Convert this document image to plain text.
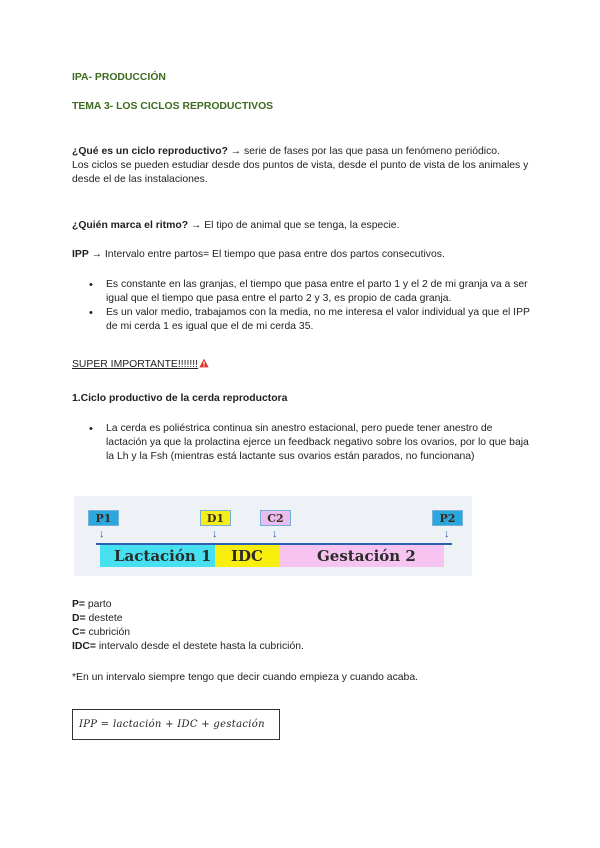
IPA- PRODUCCIÓN
TEMA 3- LOS CICLOS REPRODUCTIVOS
¿Qué es un ciclo reproductivo? → serie de fases por las que pasa un fenómeno periódico.
Los ciclos se pueden estudiar desde dos puntos de vista, desde el punto de vista de los animales y desde el de las instalaciones.
¿Quién marca el ritmo? → El tipo de animal que se tenga, la especie.
IPP → Intervalo entre partos= El tiempo que pasa entre dos partos consecutivos.
• Es constante en las granjas, el tiempo que pasa entre el parto 1 y el 2 de mi granja va a ser igual que el tiempo que pasa entre el parto 2 y 3, es propio de cada granja.
• Es un valor medio, trabajamos con la media, no me interesa el valor individual ya que el IPP de mi cerda 1 es igual que el de mi cerda 35.
SUPER IMPORTANTE!!!!!!!
1.Ciclo productivo de la cerda reproductora
• La cerda es poliéstrica continua sin anestro estacional, pero puede tener anestro de lactación ya que la prolactina ejerce un feedback negativo sobre los ovarios, por lo que baja la Lh y la Fsh (mientras está lactante sus ovarios están parados, no funcionana)
P1	D1	C2	P2
↓	↓	↓	↓
Lactación 1	IDC	Gestación 2
P= parto
D= destete
C= cubrición
IDC= intervalo desde el destete hasta la cubrición.
*En un intervalo siempre tengo que decir cuando empieza y cuando acaba.
IPP = lactación + IDC + gestación
